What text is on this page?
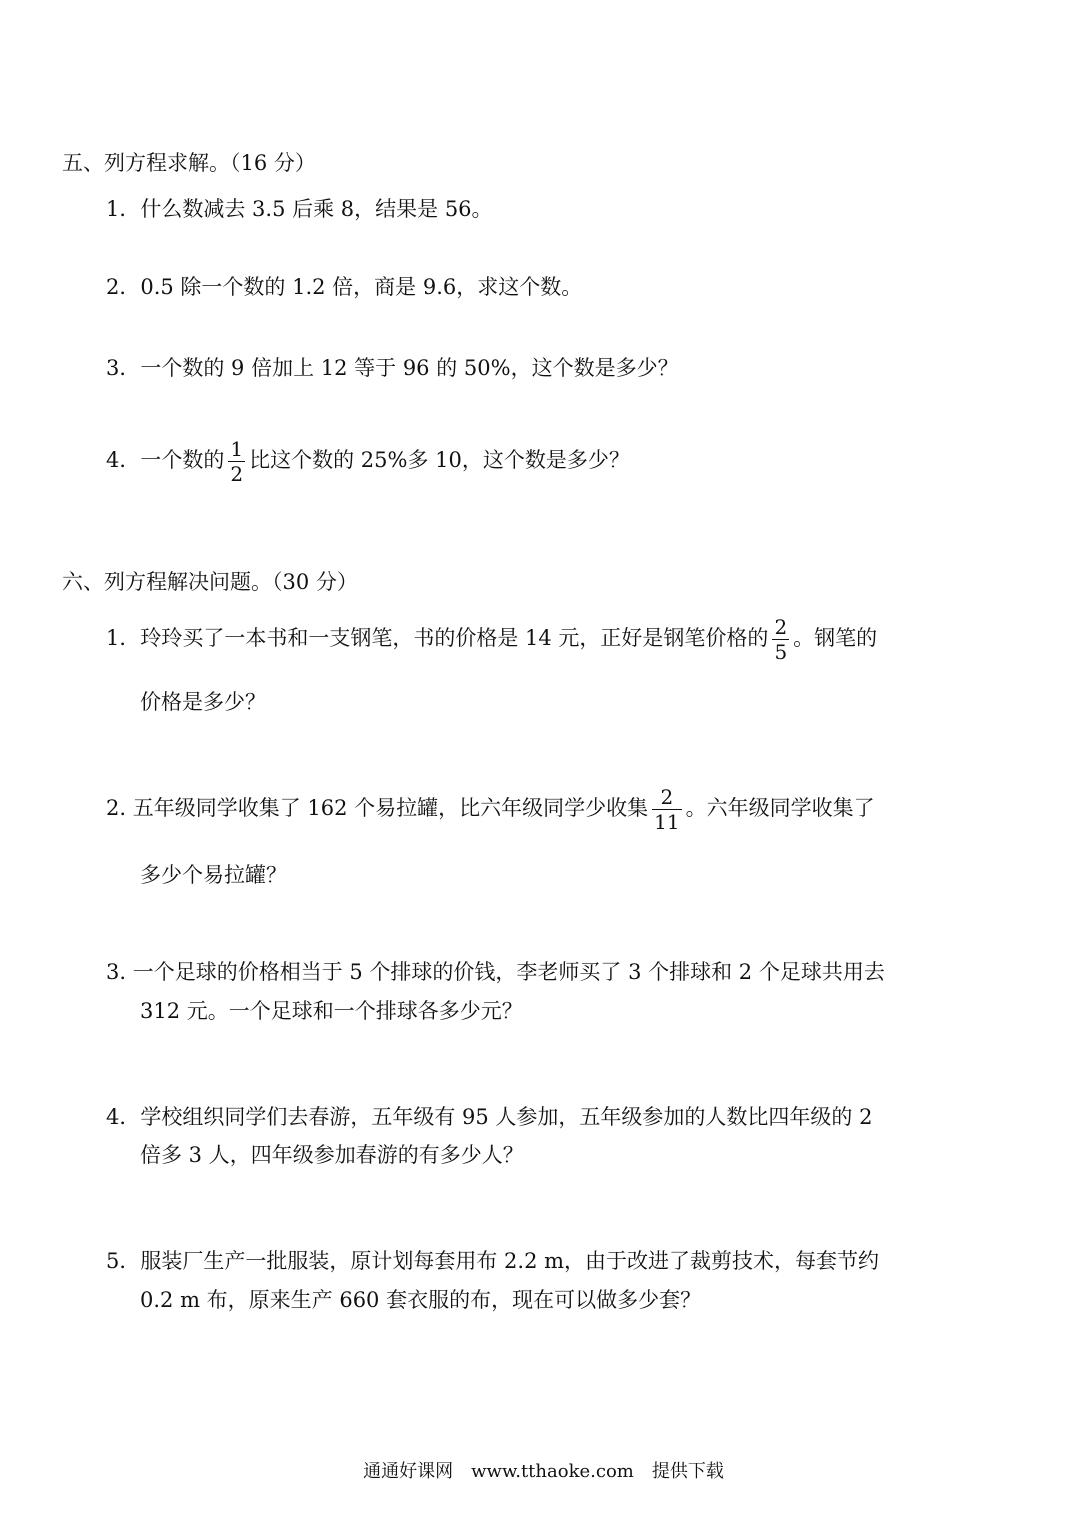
五、列方程求解。（16 分）
1．什么数减去 3.5 后乘 8，结果是 56。
2．0.5 除一个数的 1.2 倍，商是 9.6，求这个数。
3．一个数的 9 倍加上 12 等于 96 的 50%，这个数是多少？
4．一个数的 $\frac{1}{2}$ 比这个数的 25%多 10，这个数是多少？
六、列方程解决问题。（30 分）
1．玲玲买了一本书和一支钢笔，书的价格是 14 元，正好是钢笔价格的 $\frac{2}{5}$ 。钢笔的
价格是多少？
2. 五年级同学收集了 162 个易拉罐，比六年级同学少收集 $\frac{2}{11}$ 。六年级同学收集了
多少个易拉罐？
3. 一个足球的价格相当于 5 个排球的价钱，李老师买了 3 个排球和 2 个足球共用去
312 元。一个足球和一个排球各多少元？
4．学校组织同学们去春游，五年级有 95 人参加，五年级参加的人数比四年级的 2
倍多 3 人，四年级参加春游的有多少人？
5．服装厂生产一批服装，原计划每套用布 2.2 m，由于改进了裁剪技术，每套节约
0.2 m 布，原来生产 660 套衣服的布，现在可以做多少套？
通通好课网　www.tthaoke.com　提供下载
